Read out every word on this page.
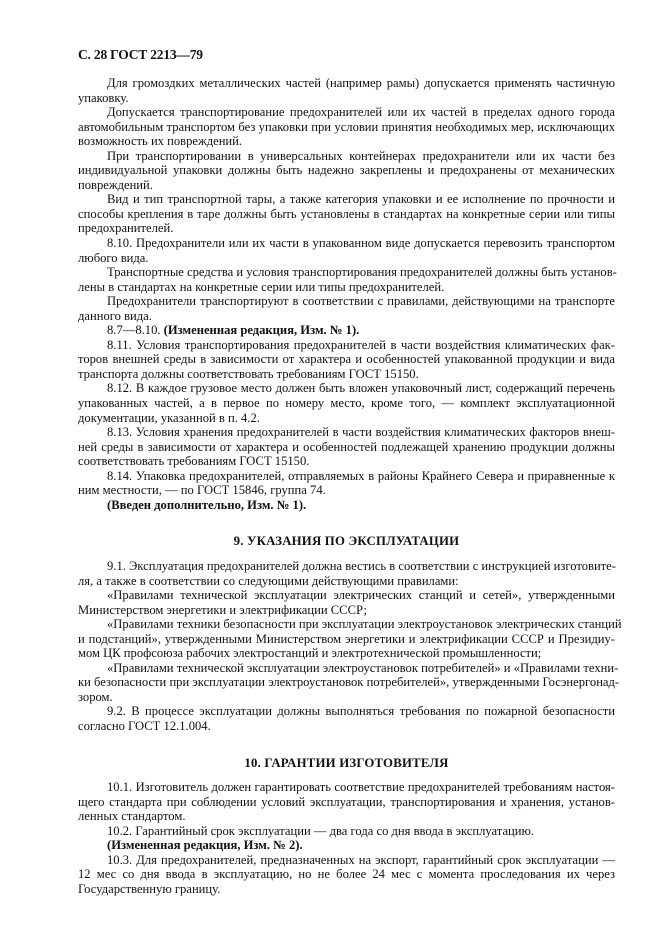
С. 28 ГОСТ 2213—79
Для громоздких металлических частей (например рамы) допускается применять частичную
упаковку.
Допускается транспортирование предохранителей или их частей в пределах одного города
автомобильным транспортом без упаковки при условии принятия необходимых мер, исключающих
возможность их повреждений.
При транспортировании в универсальных контейнерах предохранители или их части без
индивидуальной упаковки должны быть надежно закреплены и предохранены от механических
повреждений.
Вид и тип транспортной тары, а также категория упаковки и ее исполнение по прочности и
способы крепления в таре должны быть установлены в стандартах на конкретные серии или типы
предохранителей.
8.10. Предохранители или их части в упакованном виде допускается перевозить транспортом
любого вида.
Транспортные средства и условия транспортирования предохранителей должны быть установ-
лены в стандартах на конкретные серии или типы предохранителей.
Предохранители транспортируют в соответствии с правилами, действующими на транспорте
данного вида.
8.7—8.10. (Измененная редакция, Изм. № 1).
8.11. Условия транспортирования предохранителей в части воздействия климатических фак-
торов внешней среды в зависимости от характера и особенностей упакованной продукции и вида
транспорта должны соответствовать требованиям ГОСТ 15150.
8.12. В каждое грузовое место должен быть вложен упаковочный лист, содержащий перечень
упакованных частей, а в первое по номеру место, кроме того, — комплект эксплуатационной
документации, указанной в п. 4.2.
8.13. Условия хранения предохранителей в части воздействия климатических факторов внеш-
ней среды в зависимости от характера и особенностей подлежащей хранению продукции должны
соответствовать требованиям ГОСТ 15150.
8.14. Упаковка предохранителей, отправляемых в районы Крайнего Севера и приравненные к
ним местности, — по ГОСТ 15846, группа 74.
(Введен дополнительно, Изм. № 1).
9. УКАЗАНИЯ ПО ЭКСПЛУАТАЦИИ
9.1. Эксплуатация предохранителей должна вестись в соответствии с инструкцией изготовите-
ля, а также в соответствии со следующими действующими правилами:
«Правилами технической эксплуатации электрических станций и сетей», утвержденными
Министерством энергетики и электрификации СССР;
«Правилами техники безопасности при эксплуатации электроустановок электрических станций
и подстанций», утвержденными Министерством энергетики и электрификации СССР и Президиу-
мом ЦК профсоюза рабочих электростанций и электротехнической промышленности;
«Правилами технической эксплуатации электроустановок потребителей» и «Правилами техни-
ки безопасности при эксплуатации электроустановок потребителей», утвержденными Госэнергонад-
зором.
9.2. В процессе эксплуатации должны выполняться требования по пожарной безопасности
согласно ГОСТ 12.1.004.
10. ГАРАНТИИ ИЗГОТОВИТЕЛЯ
10.1. Изготовитель должен гарантировать соответствие предохранителей требованиям настоя-
щего стандарта при соблюдении условий эксплуатации, транспортирования и хранения, установ-
ленных стандартом.
10.2. Гарантийный срок эксплуатации — два года со дня ввода в эксплуатацию.
(Измененная редакция, Изм. № 2).
10.3. Для предохранителей, предназначенных на экспорт, гарантийный срок эксплуатации —
12 мес со дня ввода в эксплуатацию, но не более 24 мес с момента проследования их через
Государственную границу.
